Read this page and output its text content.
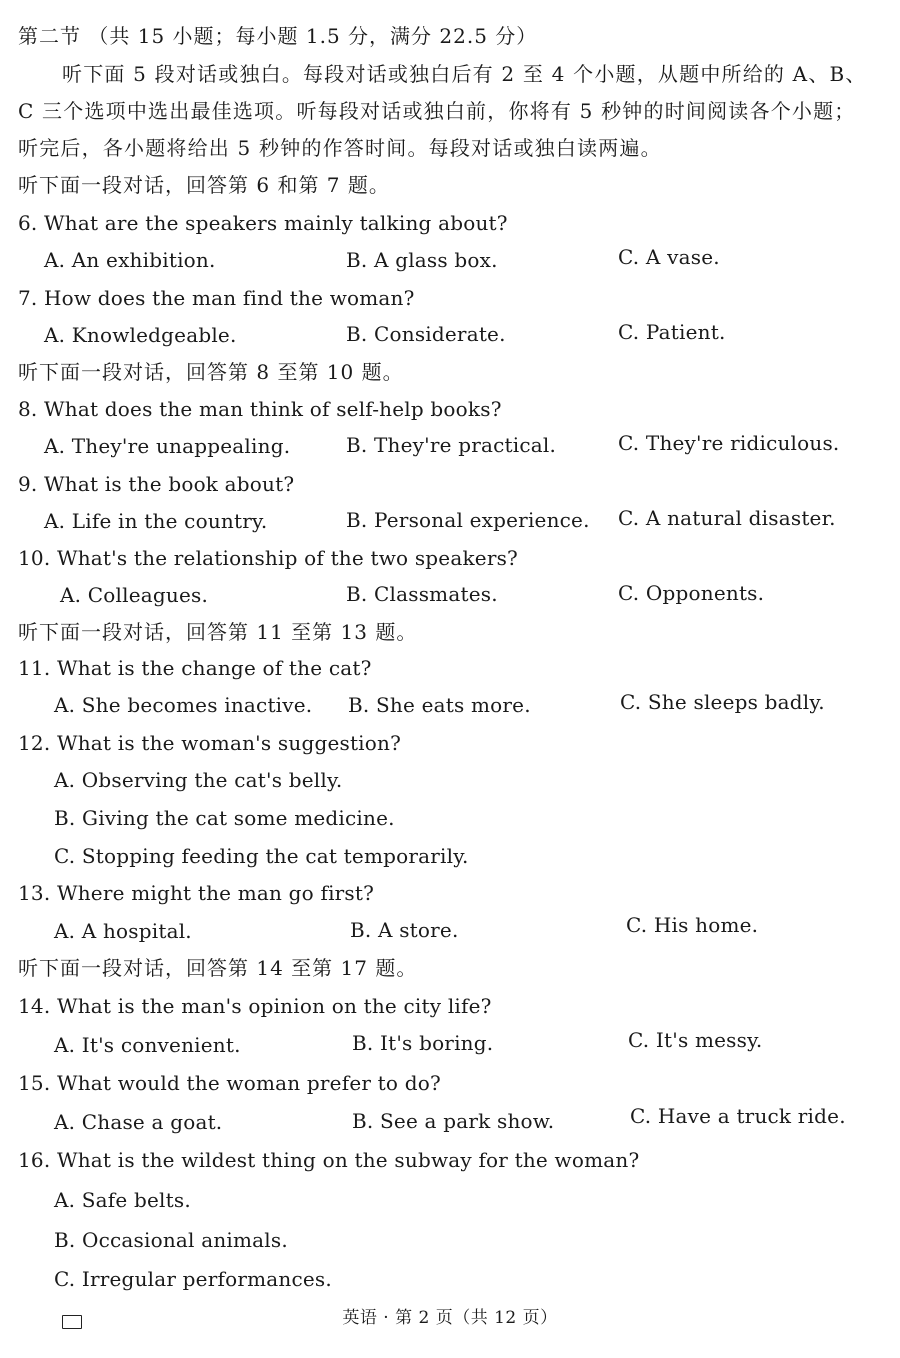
第二节 （共 15 小题；每小题 1.5 分，满分 22.5 分）
听下面 5 段对话或独白。每段对话或独白后有 2 至 4 个小题，从题中所给的 A、B、
C 三个选项中选出最佳选项。听每段对话或独白前，你将有 5 秒钟的时间阅读各个小题；
听完后，各小题将给出 5 秒钟的作答时间。每段对话或独白读两遍。
听下面一段对话，回答第 6 和第 7 题。
6. What are the speakers mainly talking about?
A. An exhibition.	B. A glass box.	C. A vase.
7. How does the man find the woman?
A. Knowledgeable.	B. Considerate.	C. Patient.
听下面一段对话，回答第 8 至第 10 题。
8. What does the man think of self-help books?
A. They're unappealing.	B. They're practical.	C. They're ridiculous.
9. What is the book about?
A. Life in the country.	B. Personal experience. C. A natural disaster.
10. What's the relationship of the two speakers?
A. Colleagues.	B. Classmates.	C. Opponents.
听下面一段对话，回答第 11 至第 13 题。
11. What is the change of the cat?
A. She becomes inactive. B. She eats more.	C. She sleeps badly.
12. What is the woman's suggestion?
A. Observing the cat's belly.
B. Giving the cat some medicine.
C. Stopping feeding the cat temporarily.
13. Where might the man go first?
A. A hospital.	B. A store.	C. His home.
听下面一段对话，回答第 14 至第 17 题。
14. What is the man's opinion on the city life?
A. It's convenient.	B. It's boring.	C. It's messy.
15. What would the woman prefer to do?
A. Chase a goat.	B. See a park show.	C. Have a truck ride.
16. What is the wildest thing on the subway for the woman?
A. Safe belts.
B. Occasional animals.
C. Irregular performances.
英语 · 第 2 页（共 12 页）
